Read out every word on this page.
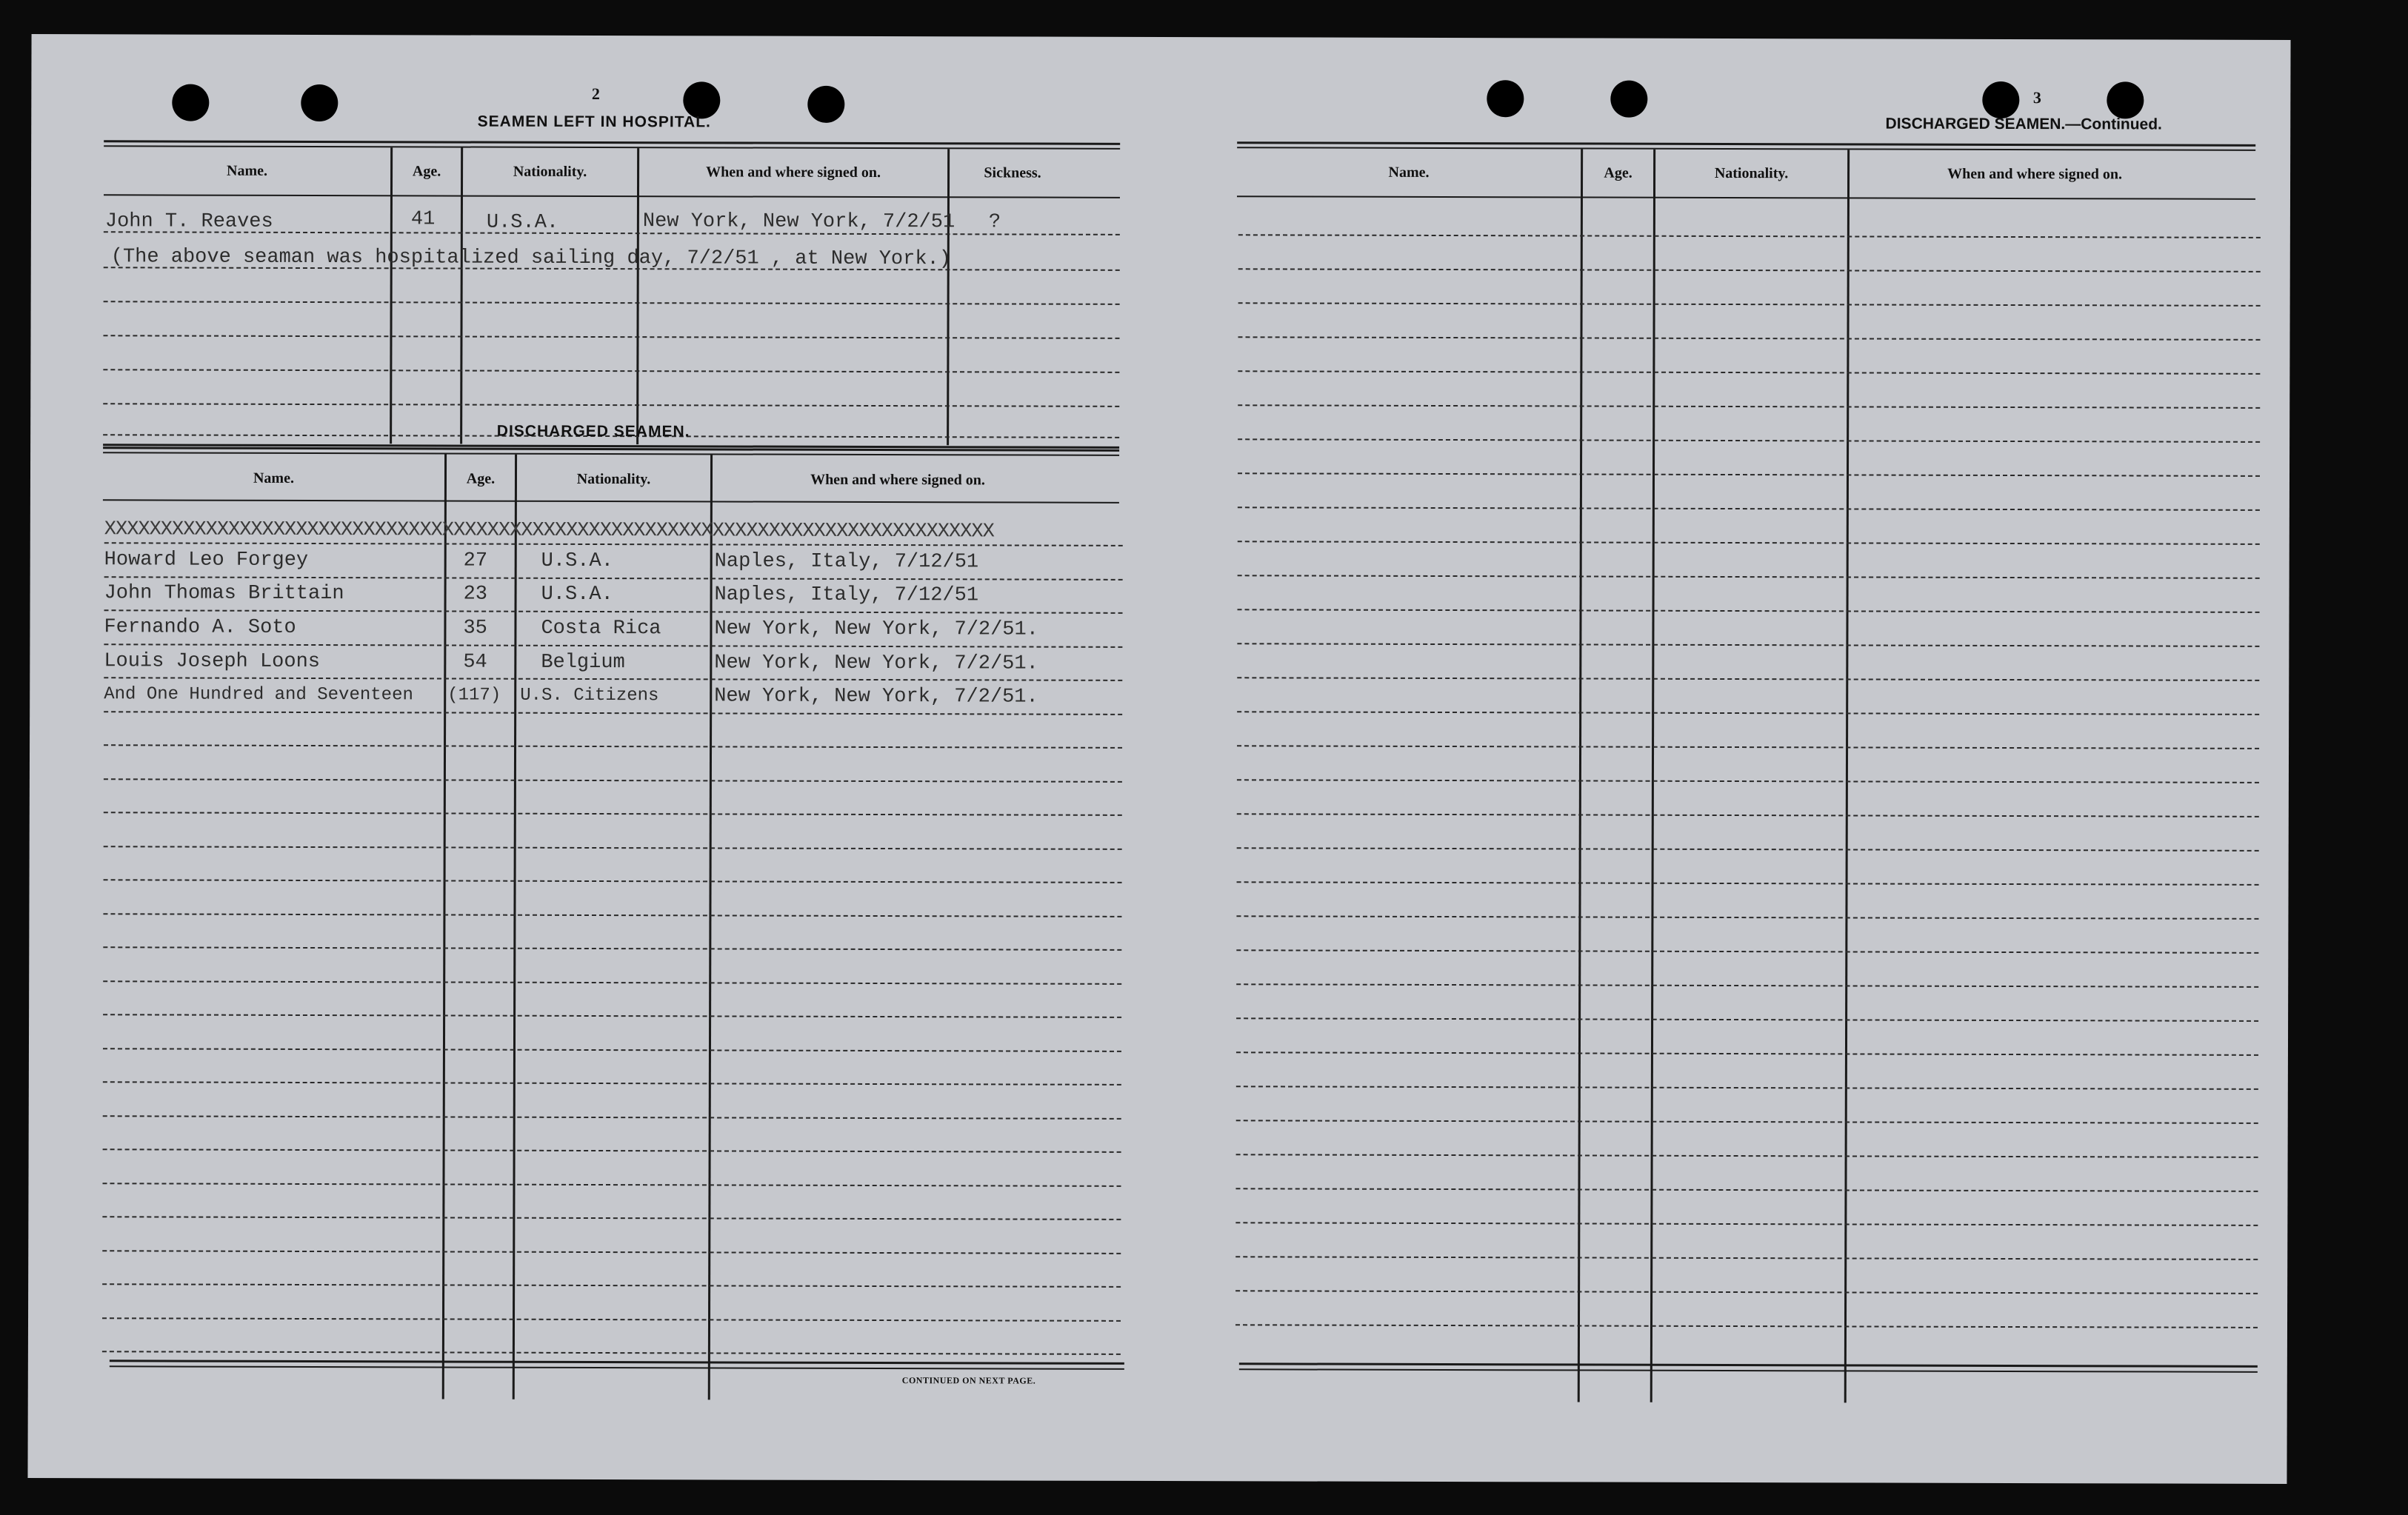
2
SEAMEN LEFT IN HOSPITAL.
Name.	Age.	Nationality.	When and where signed on.	Sickness.
John T. Reaves	41	U.S.A.	New York, New York, 7/2/51 ?
(The above seaman was hospitalized sailing day, 7/2/51 , at New York.)
DISCHARGED SEAMEN.
Name.	Age.	Nationality.	When and where signed on.
XXXXXXXXXXXXXXXXXXXXXXXXXXXXXXXXXXXXXXXXXXXXXXXXXXXXXXXXXXXXXXXXXXXXXXXXXXXXXXX
Howard Leo Forgey	27	U.S.A.	Naples, Italy, 7/12/51
John Thomas Brittain	23	U.S.A.	Naples, Italy, 7/12/51
Fernando A. Soto	35	Costa Rica	New York, New York, 7/2/51.
Louis Joseph Loons	54	Belgium	New York, New York, 7/2/51.
And One Hundred and Seventeen (117) U.S. Citizens	New York, New York, 7/2/51.
CONTINUED ON NEXT PAGE.
3
DISCHARGED SEAMEN.—Continued.
Name.	Age.	Nationality.	When and where signed on.
